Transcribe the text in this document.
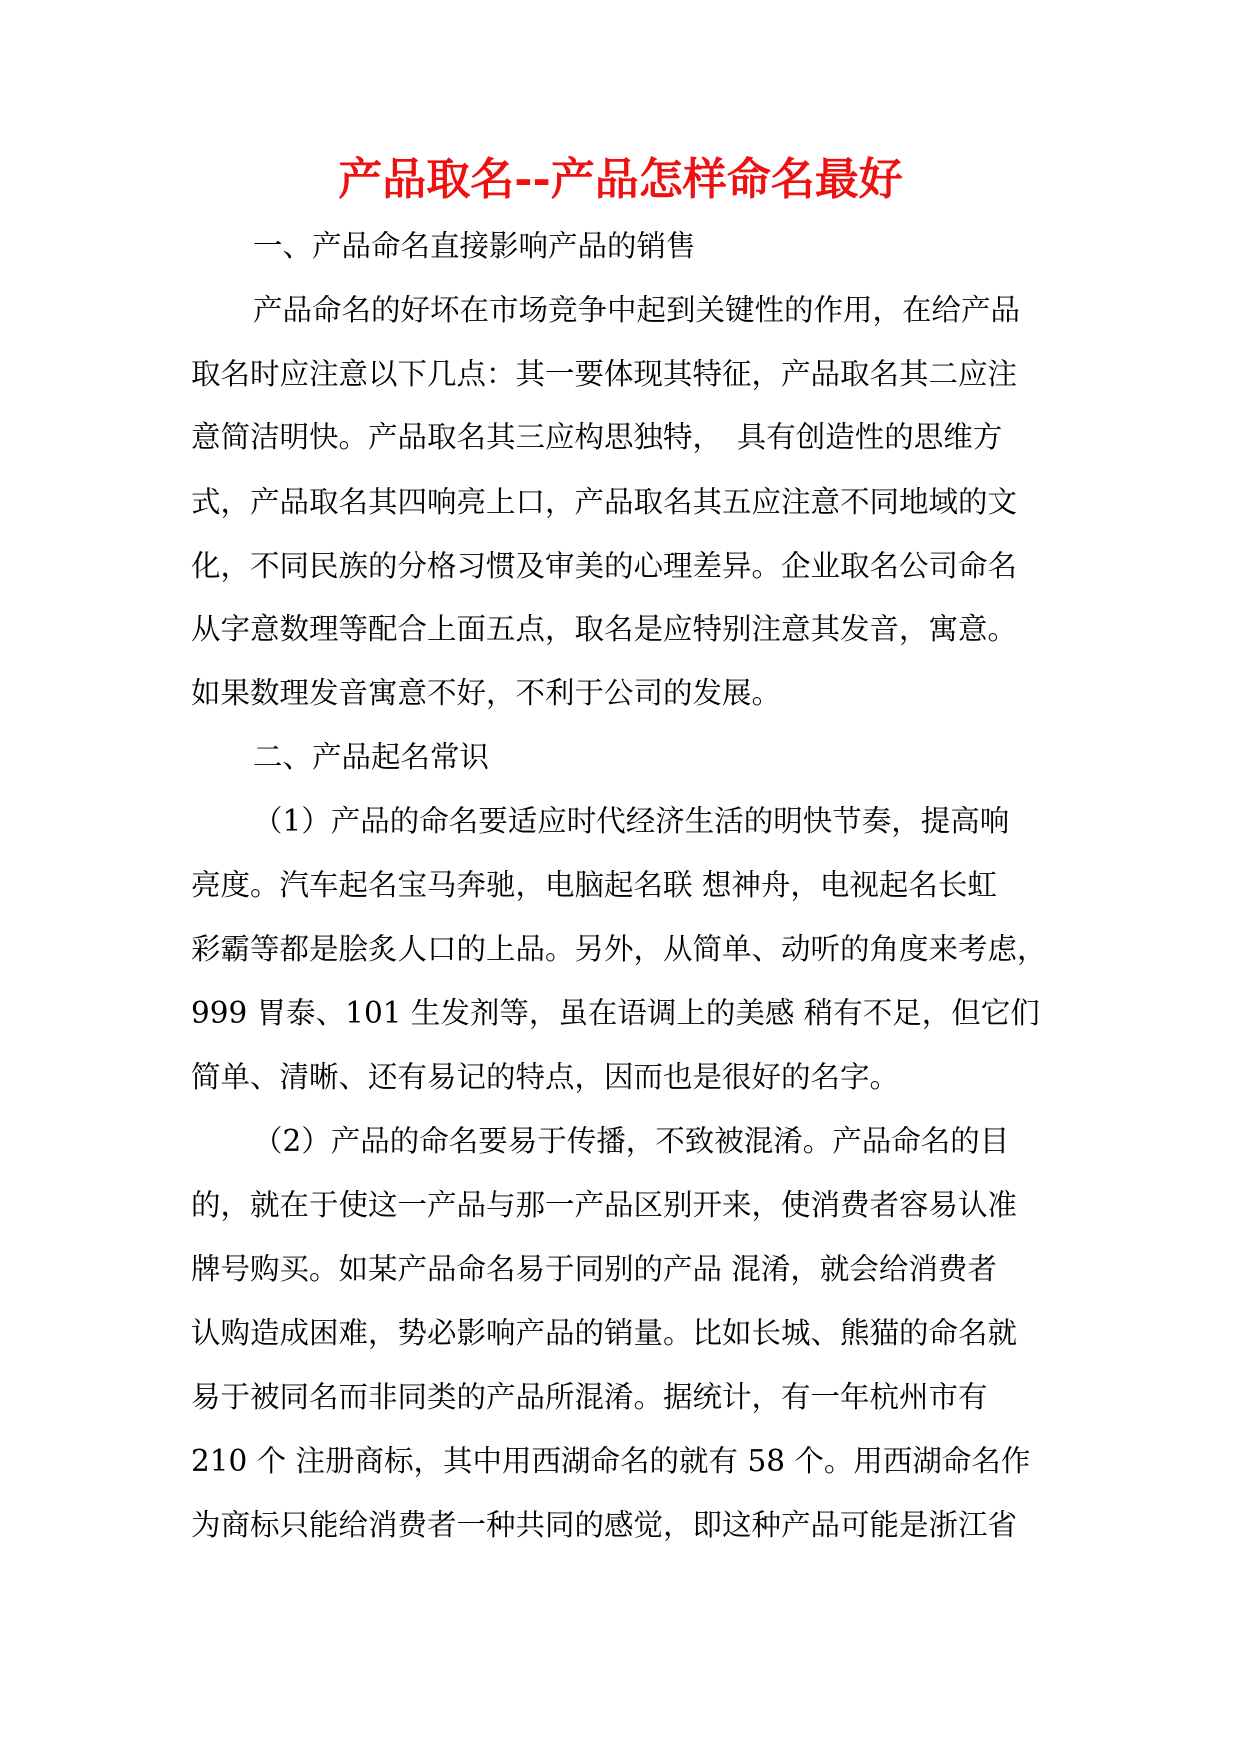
产品取名--产品怎样命名最好
一、产品命名直接影响产品的销售
产品命名的好坏在市场竞争中起到关键性的作用，在给产品
取名时应注意以下几点：其一要体现其特征，产品取名其二应注
意简洁明快。产品取名其三应构思独特，　具有创造性的思维方
式，产品取名其四响亮上口，产品取名其五应注意不同地域的文
化，不同民族的分格习惯及审美的心理差异。企业取名公司命名
从字意数理等配合上面五点，取名是应特别注意其发音，寓意。
如果数理发音寓意不好，不利于公司的发展。
二、产品起名常识
（1）产品的命名要适应时代经济生活的明快节奏，提高响
亮度。汽车起名宝马奔驰，电脑起名联 想神舟，电视起名长虹
彩霸等都是脍炙人口的上品。另外，从简单、动听的角度来考虑，
999 胃泰、101 生发剂等，虽在语调上的美感 稍有不足，但它们
简单、清晰、还有易记的特点，因而也是很好的名字。
（2）产品的命名要易于传播，不致被混淆。产品命名的目
的，就在于使这一产品与那一产品区别开来，使消费者容易认准
牌号购买。如某产品命名易于同别的产品 混淆，就会给消费者
认购造成困难，势必影响产品的销量。比如长城、熊猫的命名就
易于被同名而非同类的产品所混淆。据统计，有一年杭州市有
210 个 注册商标，其中用西湖命名的就有 58 个。用西湖命名作
为商标只能给消费者一种共同的感觉，即这种产品可能是浙江省
